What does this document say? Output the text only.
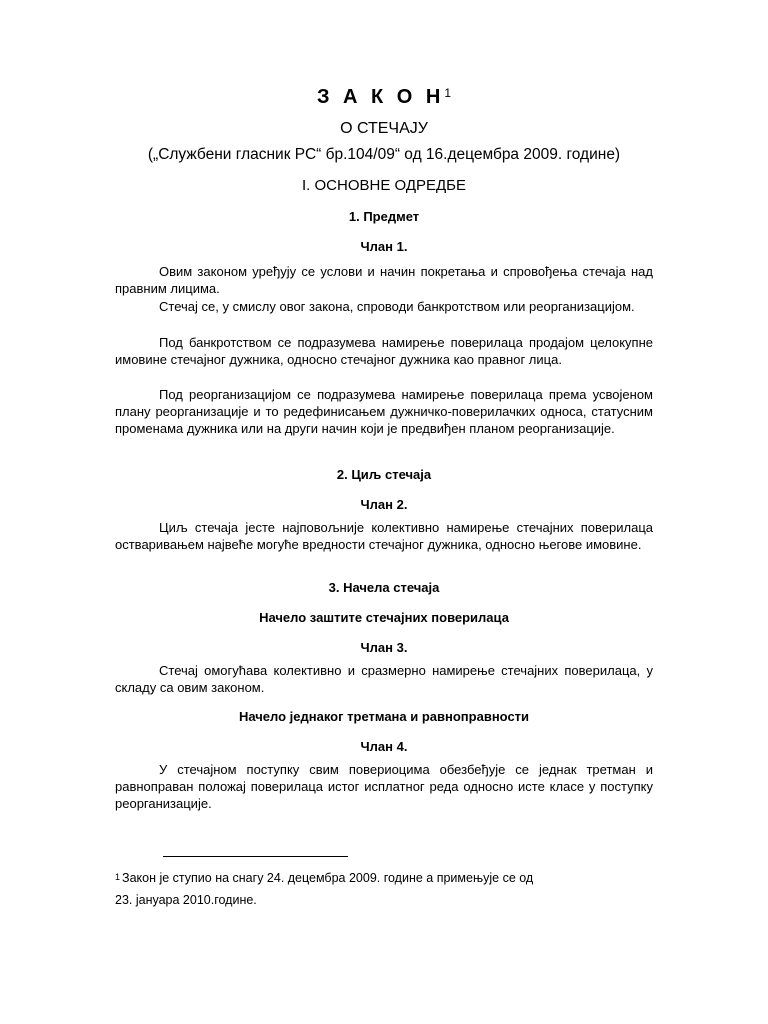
З А К О $Н^1$
О СТЕЧАЈУ
(„Службени гласник РС“ бр.104/09“ од 16.децембра 2009. године)
I. ОСНОВНЕ ОДРЕДБЕ
1. Предмет
Члан 1.
Овим законом уређују се услови и начин покретања и спровођења стечаја над правним лицима.
Стечај се, у смислу овог закона, спроводи банкротством или реорганизацијом.
Под банкротством се подразумева намирење поверилаца продајом целокупне имовине стечајног дужника, односно стечајног дужника као правног лица.
Под реорганизацијом се подразумева намирење поверилаца према усвојеном плану реорганизације и то редефинисањем дужничко-поверилачких односа, статусним променама дужника или на други начин који је предвиђен планом реорганизације.
2. Циљ стечаја
Члан 2.
Циљ стечаја јесте најповољније колективно намирење стечајних поверилаца остваривањем највеће могуће вредности стечајног дужника, односно његове имовине.
3. Начела стечаја
Начело заштите стечајних поверилаца
Члан 3.
Стечај омогућава колективно и сразмерно намирење стечајних поверилаца, у складу са овим законом.
Начело једнаког третмана и равноправности
Члан 4.
У стечајном поступку свим повериоцима обезбеђује се једнак третман и равноправан положај поверилаца истог исплатног реда односно исте класе у поступку реорганизације.
$^1$ Закон је ступио на снагу 24. децембра 2009. године а примењује се од
23. јануара 2010.године.
